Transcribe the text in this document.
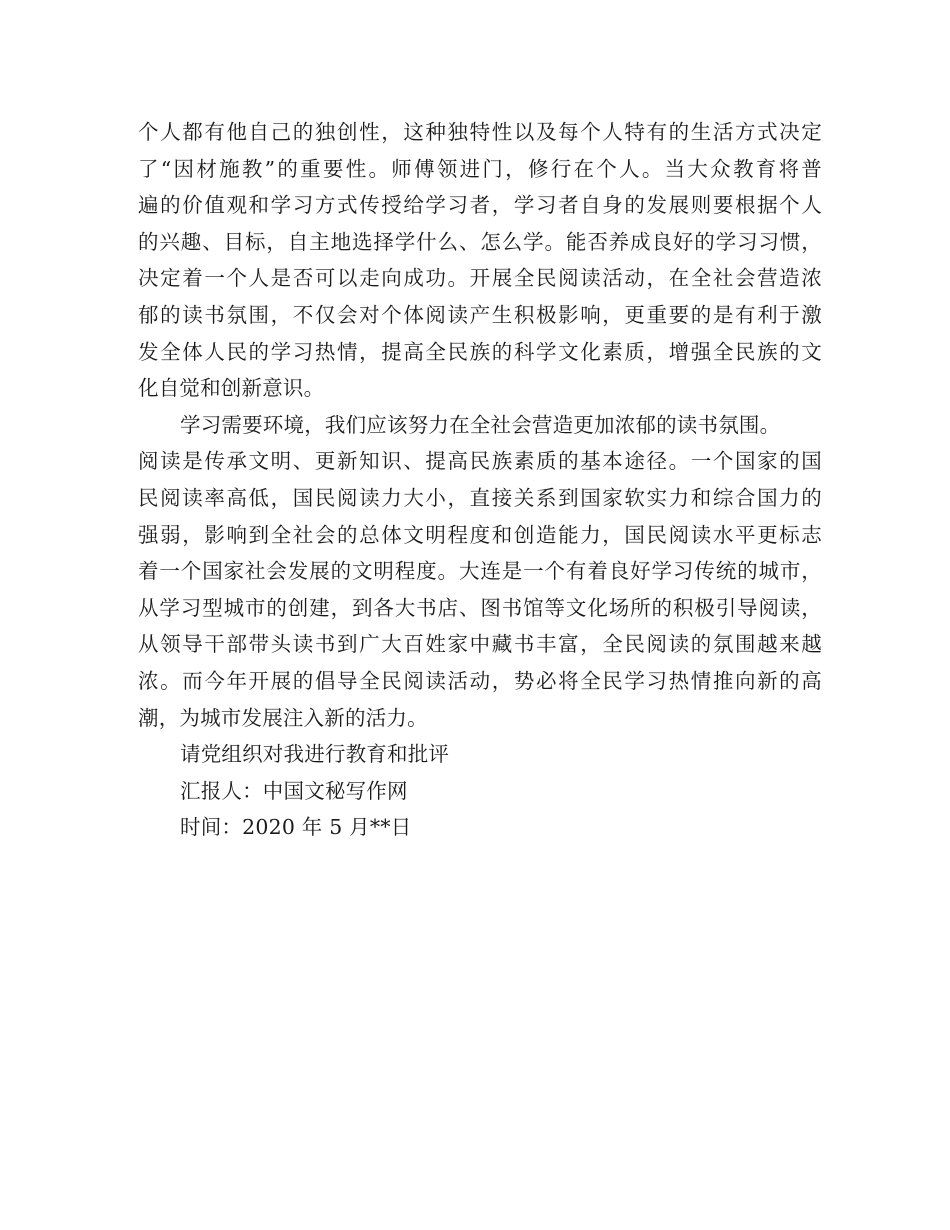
个人都有他自己的独创性，这种独特性以及每个人特有的生活方式决定
了“因材施教”的重要性。师傅领进门，修行在个人。当大众教育将普
遍的价值观和学习方式传授给学习者，学习者自身的发展则要根据个人
的兴趣、目标，自主地选择学什么、怎么学。能否养成良好的学习习惯，
决定着一个人是否可以走向成功。开展全民阅读活动，在全社会营造浓
郁的读书氛围，不仅会对个体阅读产生积极影响，更重要的是有利于激
发全体人民的学习热情，提高全民族的科学文化素质，增强全民族的文
化自觉和创新意识。
学习需要环境，我们应该努力在全社会营造更加浓郁的读书氛围。
阅读是传承文明、更新知识、提高民族素质的基本途径。一个国家的国
民阅读率高低，国民阅读力大小，直接关系到国家软实力和综合国力的
强弱，影响到全社会的总体文明程度和创造能力，国民阅读水平更标志
着一个国家社会发展的文明程度。大连是一个有着良好学习传统的城市，
从学习型城市的创建，到各大书店、图书馆等文化场所的积极引导阅读，
从领导干部带头读书到广大百姓家中藏书丰富，全民阅读的氛围越来越
浓。而今年开展的倡导全民阅读活动，势必将全民学习热情推向新的高
潮，为城市发展注入新的活力。
请党组织对我进行教育和批评
汇报人：中国文秘写作网
时间：2020 年 5 月**日
